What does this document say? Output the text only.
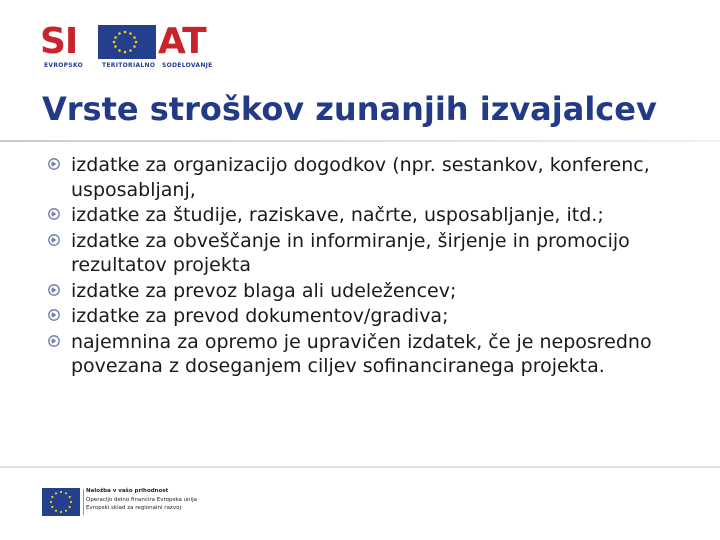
SI AT
EVROPSKO	TERITORIALNO SODELOVANJE
Vrste stroškov zunanjih izvajalcev
izdatke za organizacijo dogodkov (npr. sestankov, konferenc, usposabljanj,
izdatke za študije, raziskave, načrte, usposabljanje, itd.;
izdatke za obveščanje in informiranje, širjenje in promocijo rezultatov projekta
izdatke za prevoz blaga ali udeležencev;
izdatke za prevod dokumentov/gradiva;
najemnina za opremo je upravičen izdatek, če je neposredno povezana z doseganjem ciljev sofinanciranega projekta.
Naložba v vašo prihodnost
Operacijo delno financira Evropska unija
Evropski sklad za regionalni razvoj
